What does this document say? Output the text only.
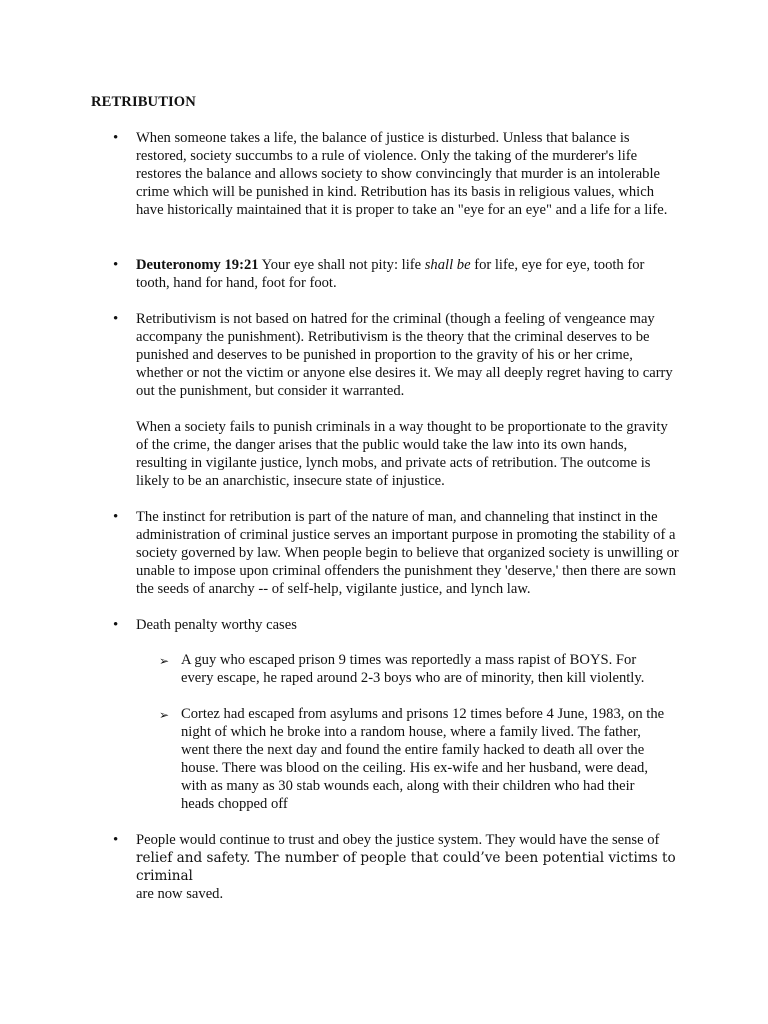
RETRIBUTION
• When someone takes a life, the balance of justice is disturbed. Unless that balance is restored, society succumbs to a rule of violence. Only the taking of the murderer's life restores the balance and allows society to show convincingly that murder is an intolerable crime which will be punished in kind. Retribution has its basis in religious values, which have historically maintained that it is proper to take an "eye for an eye" and a life for a life.

• Deuteronomy 19:21 Your eye shall not pity: life shall be for life, eye for eye, tooth for tooth, hand for hand, foot for foot.

• Retributivism is not based on hatred for the criminal (though a feeling of vengeance may accompany the punishment). Retributivism is the theory that the criminal deserves to be punished and deserves to be punished in proportion to the gravity of his or her crime, whether or not the victim or anyone else desires it. We may all deeply regret having to carry out the punishment, but consider it warranted.

When a society fails to punish criminals in a way thought to be proportionate to the gravity of the crime, the danger arises that the public would take the law into its own hands, resulting in vigilante justice, lynch mobs, and private acts of retribution. The outcome is likely to be an anarchistic, insecure state of injustice.

• The instinct for retribution is part of the nature of man, and channeling that instinct in the administration of criminal justice serves an important purpose in promoting the stability of a society governed by law. When people begin to believe that organized society is unwilling or unable to impose upon criminal offenders the punishment they 'deserve,' then there are sown the seeds of anarchy -- of self-help, vigilante justice, and lynch law.

• Death penalty worthy cases

➢ A guy who escaped prison 9 times was reportedly a mass rapist of BOYS. For every escape, he raped around 2-3 boys who are of minority, then kill violently.
➢ Cortez had escaped from asylums and prisons 12 times before 4 June, 1983, on the night of which he broke into a random house, where a family lived. The father, went there the next day and found the entire family hacked to death all over the house. There was blood on the ceiling. His ex-wife and her husband, were dead, with as many as 30 stab wounds each, along with their children who had their heads chopped off
• People would continue to trust and obey the justice system. They would have the sense of
relief and safety. The number of people that could’ve been potential victims to criminal
are now saved.
